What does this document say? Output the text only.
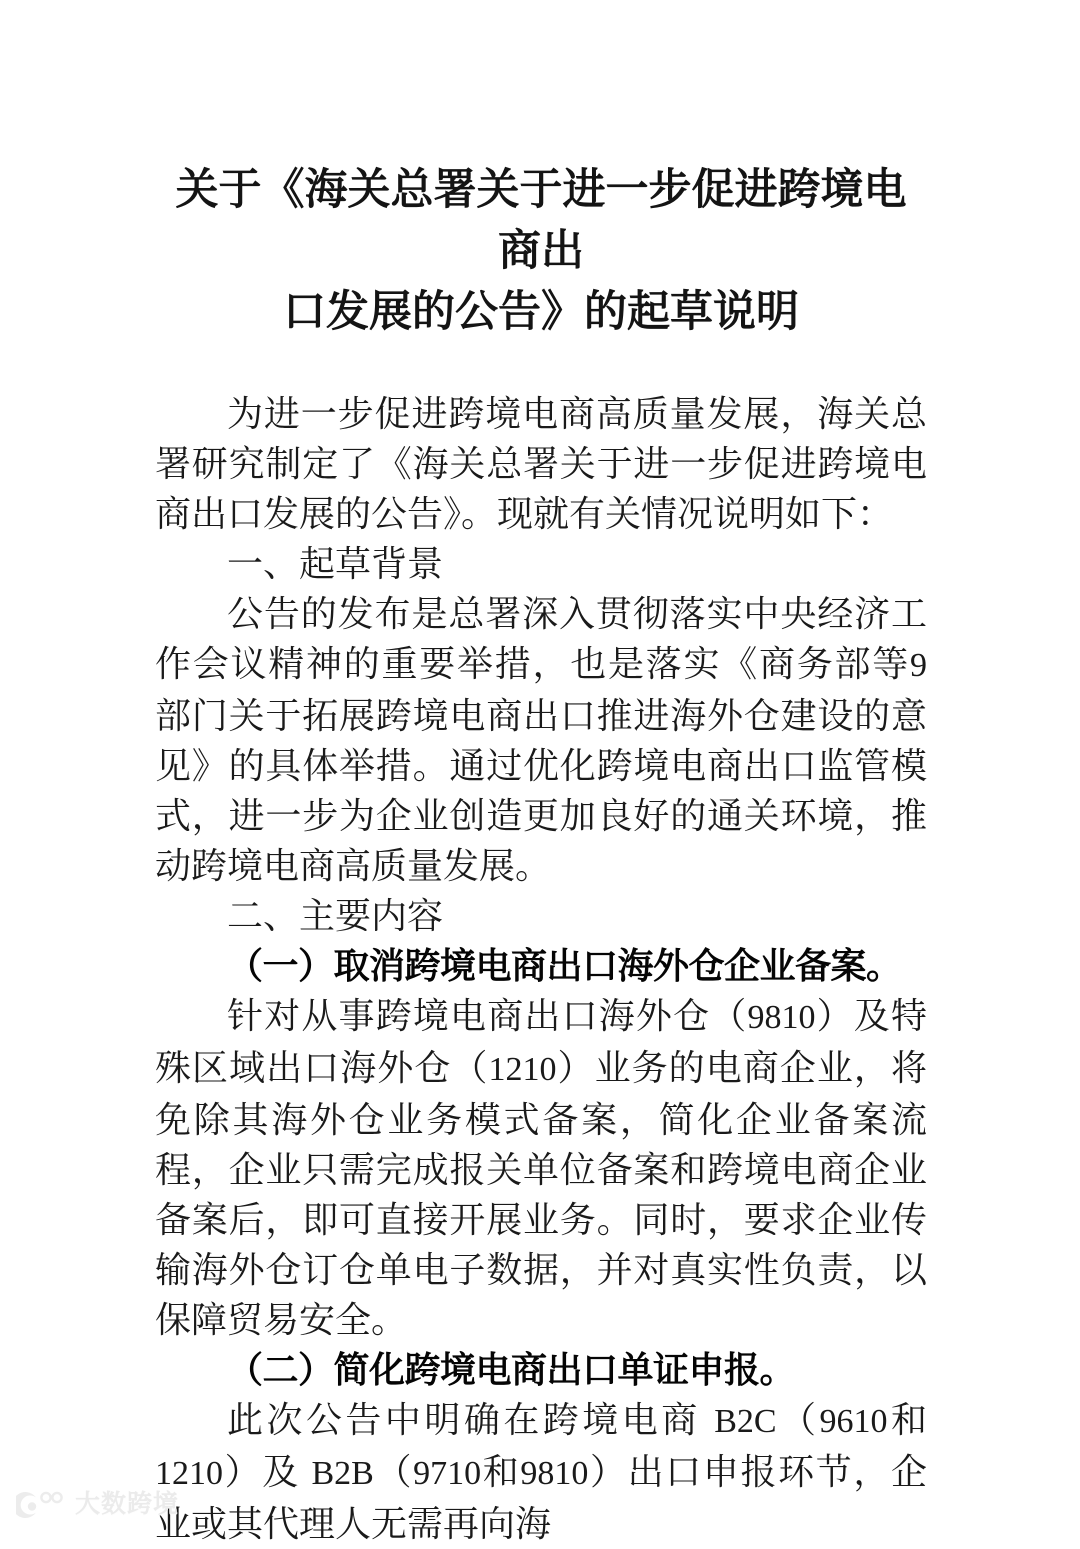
关于《海关总署关于进一步促进跨境电商出
口发展的公告》的起草说明

为进一步促进跨境电商高质量发展，海关总署研究制定了《海关总署关于进一步促进跨境电商出口发展的公告》。现就有关情况说明如下：

一、起草背景

公告的发布是总署深入贯彻落实中央经济工作会议精神的重要举措，也是落实《商务部等9部门关于拓展跨境电商出口推进海外仓建设的意见》的具体举措。通过优化跨境电商出口监管模式，进一步为企业创造更加良好的通关环境，推动跨境电商高质量发展。

二、主要内容

（一）取消跨境电商出口海外仓企业备案。

针对从事跨境电商出口海外仓（9810）及特殊区域出口海外仓（1210）业务的电商企业，将免除其海外仓业务模式备案，简化企业备案流程，企业只需完成报关单位备案和跨境电商企业备案后，即可直接开展业务。同时，要求企业传输海外仓订仓单电子数据，并对真实性负责，以保障贸易安全。

（二）简化跨境电商出口单证申报。

此次公告中明确在跨境电商 B2C（9610和1210）及 B2B（9710和9810）出口申报环节，企业或其代理人无需再向海

大数跨境
